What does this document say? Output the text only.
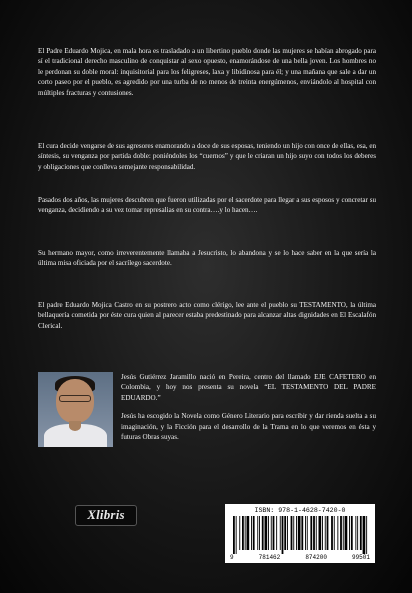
El Padre Eduardo Mojica, en mala hora es trasladado a un libertino pueblo donde las mujeres se habían abrogado para sí el tradicional derecho masculino de conquistar al sexo opuesto, enamorándose de una bella joven. Los hombres no le perdonan su doble moral: inquisitorial para los feligreses, laxa y libidinosa para él; y una mañana que sale a dar un corto paseo por el pueblo, es agredido por una turba de no menos de treinta energúmenos, enviándolo al hospital con múltiples fracturas y contusiones.

El cura decide vengarse de sus agresores enamorando a doce de sus esposas, teniendo un hijo con once de ellas, esa, en síntesis, su venganza por partida doble: poniéndoles los “cuernos” y que le criaran un hijo suyo con todos los deberes y obligaciones que conlleva semejante responsabilidad.

Pasados dos años, las mujeres descubren que fueron utilizadas por el sacerdote para llegar a sus esposos y concretar su venganza, decidiendo a su vez tomar represalias en su contra….y lo hacen….

Su hermano mayor, como irreverentemente llamaba a Jesucristo, lo abandona y se lo hace saber en la que sería la última misa oficiada por el sacrílego sacerdote.

El padre Eduardo Mojica Castro en su postrero acto como clérigo, lee ante el pueblo su TESTAMENTO, la última bellaquería cometida por éste cura quien al parecer estaba predestinado para alcanzar altas dignidades en El Escalafón Clerical.

Jesús Gutiérrez Jaramillo nació en Pereira, centro del llamado EJE CAFETERO en Colombia, y hoy nos presenta su novela “EL TESTAMENTO DEL PADRE EDUARDO.”

Jesús ha escogido la Novela como Género Literario para escribir y dar rienda suelta a su imaginación, y la Ficción para el desarrollo de la Trama en lo que veremos en ésta y futuras Obras suyas.

Xlibris	ISBN: 978-1-4628-7420-0
9	781462	874200	99501
